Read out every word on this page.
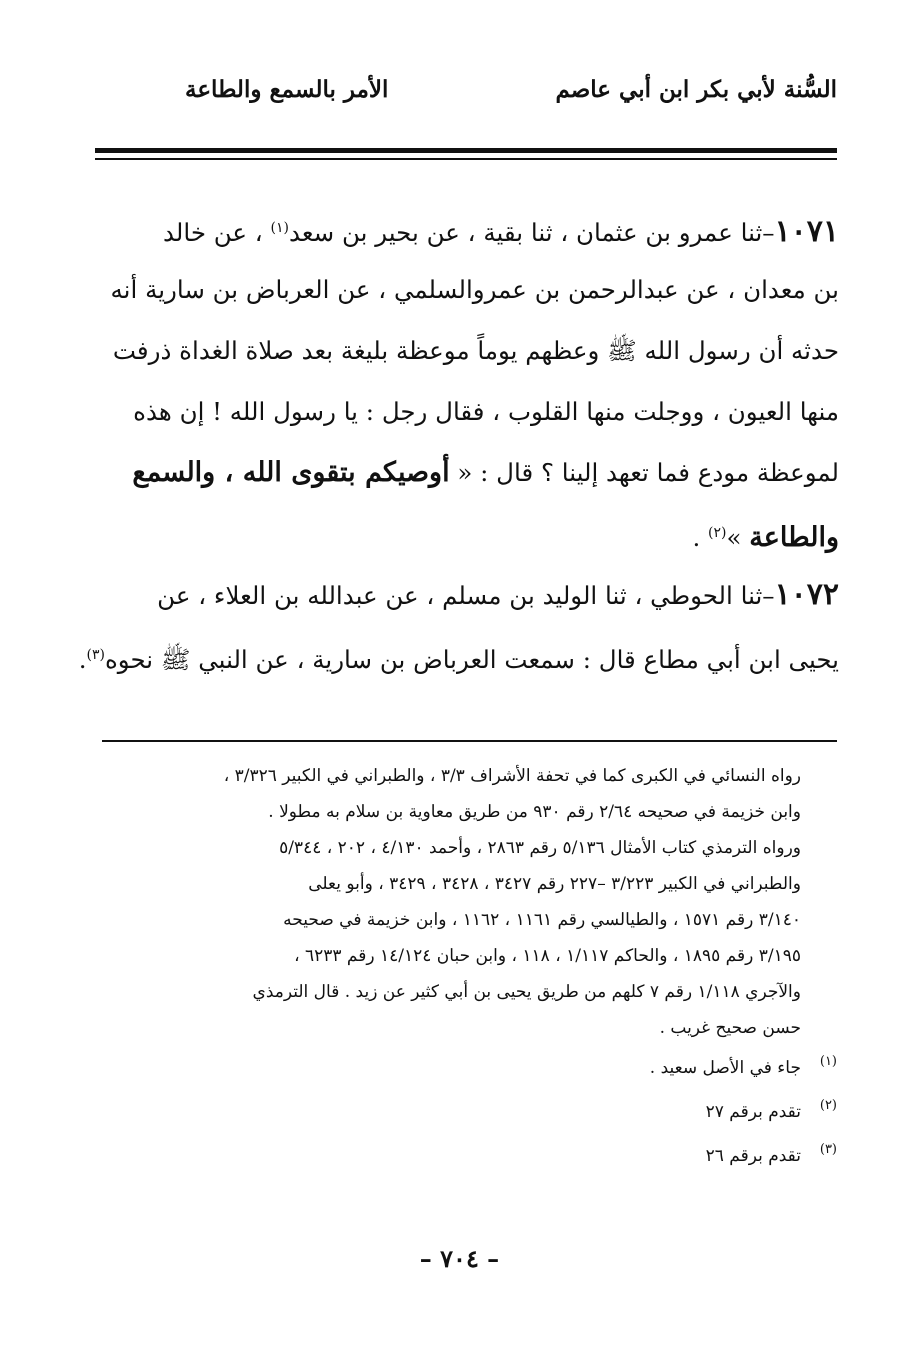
السُّنة لأبي بكر ابن أبي عاصم
الأمر بالسمع والطاعة
١٠٧١–ثنا عمرو بن عثمان ، ثنا بقية ، عن بحير بن سعد$^{(١)}$ ، عن خالد
بن معدان ، عن عبدالرحمن بن عمروالسلمي ، عن العرباض بن سارية أنه
حدثه أن رسول الله ﷺ وعظهم يوماً موعظة بليغة بعد صلاة الغداة ذرفت
منها العيون ، ووجلت منها القلوب ، فقال رجل : يا رسول الله ! إن هذه
لموعظة مودع فما تعهد إلينا ؟ قال : « أوصيكم بتقوى الله ، والسمع
والطاعة »$^{(٢)}$ .
١٠٧٢–ثنا الحوطي ، ثنا الوليد بن مسلم ، عن عبدالله بن العلاء ، عن
يحيى ابن أبي مطاع قال : سمعت العرباض بن سارية ، عن النبي ﷺ نحوه$^{(٣)}$.
رواه النسائي في الكبرى كما في تحفة الأشراف ٣/٣ ، والطبراني في الكبير ٣/٣٢٦ ،
وابن خزيمة في صحيحه ٢/٦٤ رقم ٩٣٠ من طريق معاوية بن سلام به مطولا .
ورواه الترمذي كتاب الأمثال ٥/١٣٦ رقم ٢٨٦٣ ، وأحمد ٤/١٣٠ ، ٢٠٢ ، ٥/٣٤٤
والطبراني في الكبير ٣/٢٢٣ –٢٢٧ رقم ٣٤٢٧ ، ٣٤٢٨ ، ٣٤٢٩ ، وأبو يعلى
٣/١٤٠ رقم ١٥٧١ ، والطيالسي رقم ١١٦١ ، ١١٦٢ ، وابن خزيمة في صحيحه
٣/١٩٥ رقم ١٨٩٥ ، والحاكم ١/١١٧ ، ١١٨ ، وابن حبان ١٤/١٢٤ رقم ٦٢٣٣ ،
والآجري ١/١١٨ رقم ٧ كلهم من طريق يحيى بن أبي كثير عن زيد . قال الترمذي
حسن صحيح غريب .
(١)
جاء في الأصل سعيد .
(٢)
تقدم برقم ٢٧
(٣)
تقدم برقم ٢٦
– ٧٠٤ –
